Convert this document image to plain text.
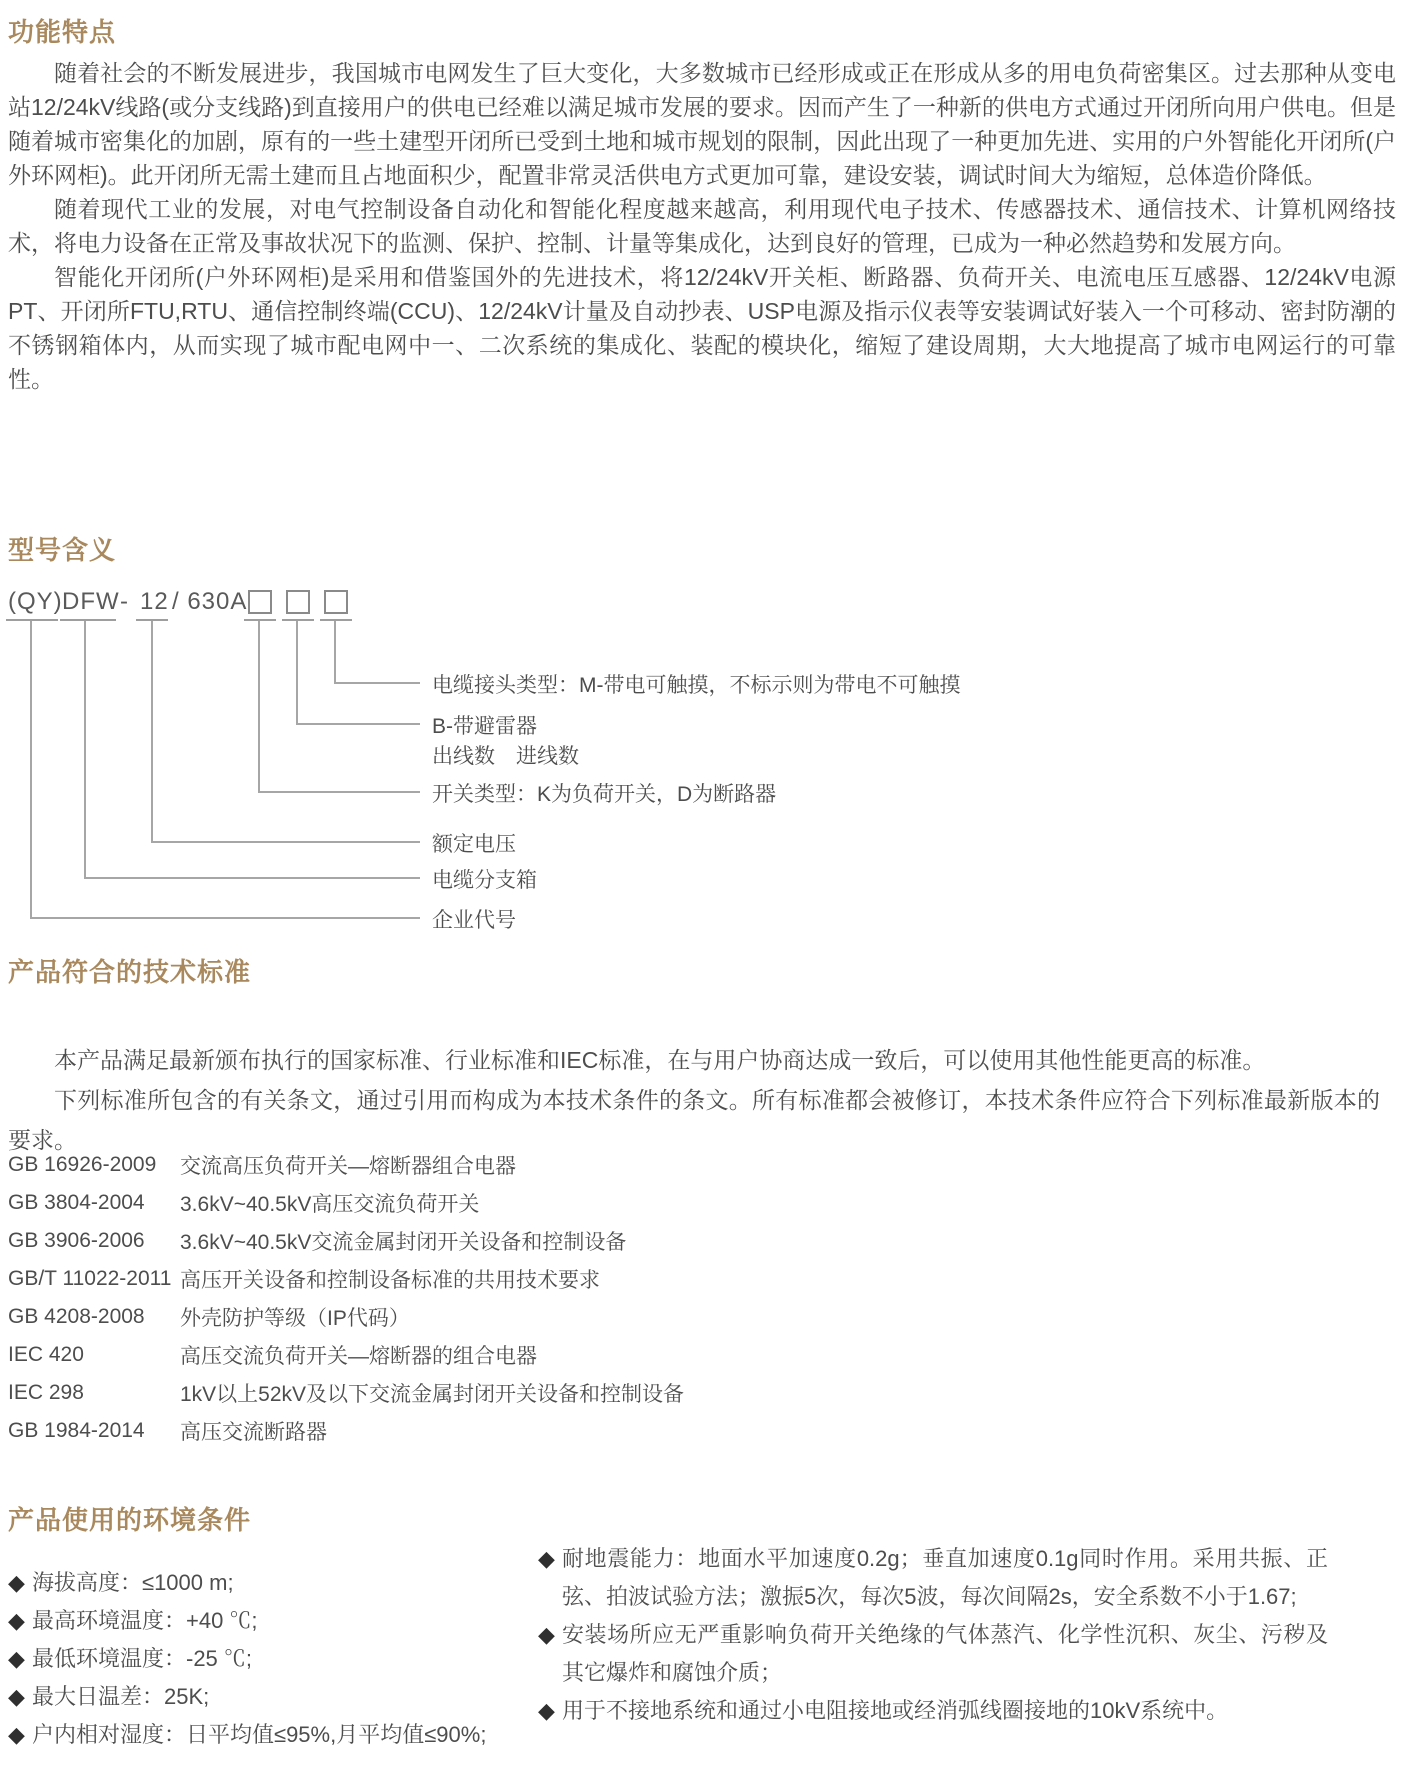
功能特点

随着社会的不断发展进步，我国城市电网发生了巨大变化，大多数城市已经形成或正在形成从多的用电负荷密集区。过去那种从变电站12/24kV线路(或分支线路)到直接用户的供电已经难以满足城市发展的要求。因而产生了一种新的供电方式通过开闭所向用户供电。但是随着城市密集化的加剧，原有的一些土建型开闭所已受到土地和城市规划的限制，因此出现了一种更加先进、实用的户外智能化开闭所(户外环网柜)。此开闭所无需土建而且占地面积少，配置非常灵活供电方式更加可靠，建设安装，调试时间大为缩短，总体造价降低。

随着现代工业的发展，对电气控制设备自动化和智能化程度越来越高，利用现代电子技术、传感器技术、通信技术、计算机网络技术，将电力设备在正常及事故状况下的监测、保护、控制、计量等集成化，达到良好的管理，已成为一种必然趋势和发展方向。

智能化开闭所(户外环网柜)是采用和借鉴国外的先进技术，将12/24kV开关柜、断路器、负荷开关、电流电压互感器、12/24kV电源PT、开闭所FTU,RTU、通信控制终端(CCU)、12/24kV计量及自动抄表、USP电源及指示仪表等安装调试好装入一个可移动、密封防潮的不锈钢箱体内，从而实现了城市配电网中一、二次系统的集成化、装配的模块化，缩短了建设周期，大大地提高了城市电网运行的可靠性。

型号含义
(QY) DFW - 12 / 630A
电缆接头类型：M-带电可触摸，不标示则为带电不可触摸
B-带避雷器
出线数　进线数
开关类型：K为负荷开关，D为断路器
额定电压
电缆分支箱
企业代号
产品符合的技术标准

本产品满足最新颁布执行的国家标准、行业标准和IEC标准，在与用户协商达成一致后，可以使用其他性能更高的标准。

下列标准所包含的有关条文，通过引用而构成为本技术条件的条文。所有标准都会被修订，本技术条件应符合下列标准最新版本的要求。

GB 16926-2009	交流高压负荷开关—熔断器组合电器
GB 3804-2004	3.6kV~40.5kV高压交流负荷开关
GB 3906-2006	3.6kV~40.5kV交流金属封闭开关设备和控制设备
GB/T 11022-2011 高压开关设备和控制设备标准的共用技术要求
GB 4208-2008	外壳防护等级（IP代码）
IEC 420	高压交流负荷开关—熔断器的组合电器
IEC 298	1kV以上52kV及以下交流金属封闭开关设备和控制设备
GB 1984-2014	高压交流断路器
产品使用的环境条件
◆ 海拔高度：≤1000 m;
◆ 最高环境温度：+40 ℃;
◆ 最低环境温度：-25 ℃;
◆ 最大日温差：25K;
◆ 户内相对湿度：日平均值≤95%,月平均值≤90%;
◆ 耐地震能力：地面水平加速度0.2g；垂直加速度0.1g同时作用。采用共振、正弦、拍波试验方法；激振5次，每次5波，每次间隔2s，安全系数不小于1.67;
◆ 安装场所应无严重影响负荷开关绝缘的气体蒸汽、化学性沉积、灰尘、污秽及其它爆炸和腐蚀介质；
◆ 用于不接地系统和通过小电阻接地或经消弧线圈接地的10kV系统中。
